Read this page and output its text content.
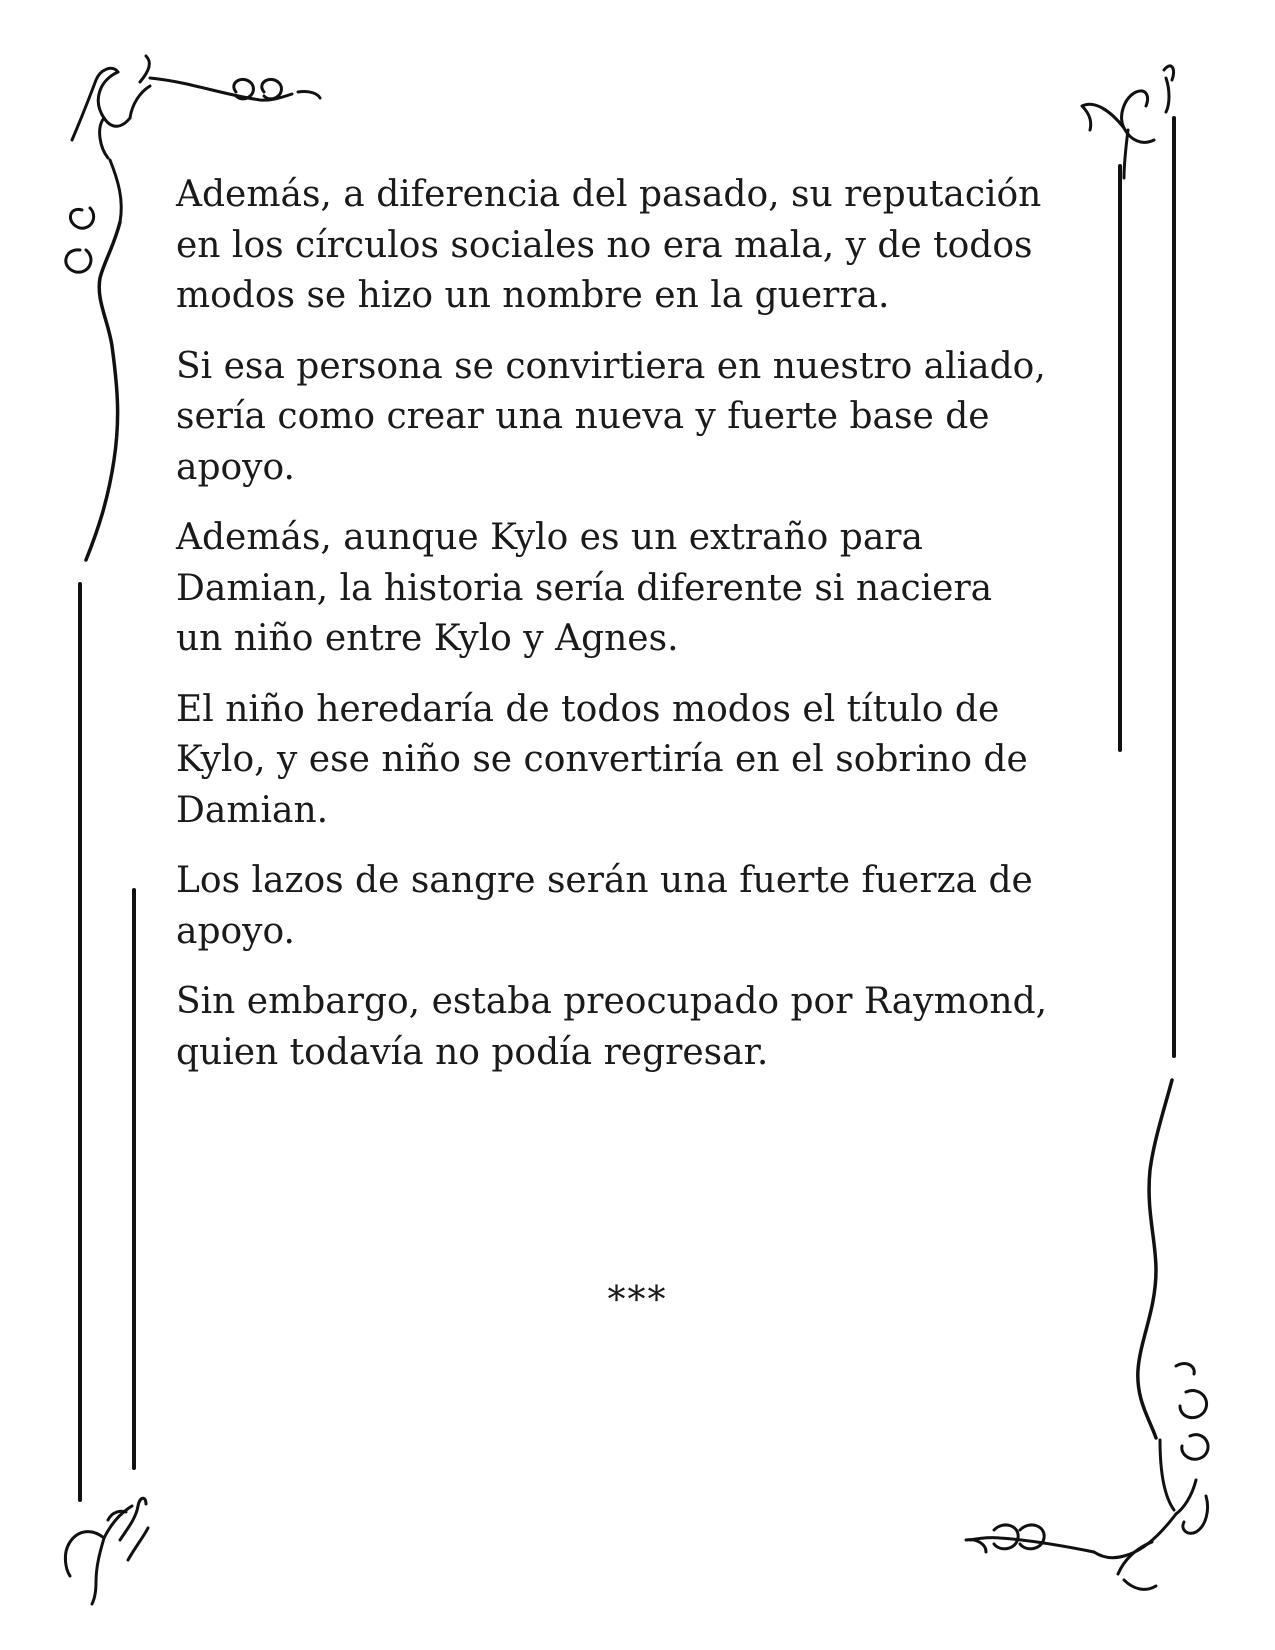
Además, a diferencia del pasado, su reputación
en los círculos sociales no era mala, y de todos
modos se hizo un nombre en la guerra.

Si esa persona se convirtiera en nuestro aliado,
sería como crear una nueva y fuerte base de
apoyo.

Además, aunque Kylo es un extraño para
Damian, la historia sería diferente si naciera
un niño entre Kylo y Agnes.

El niño heredaría de todos modos el título de
Kylo, y ese niño se convertiría en el sobrino de
Damian.

Los lazos de sangre serán una fuerte fuerza de
apoyo.

Sin embargo, estaba preocupado por Raymond,
quien todavía no podía regresar.

***
